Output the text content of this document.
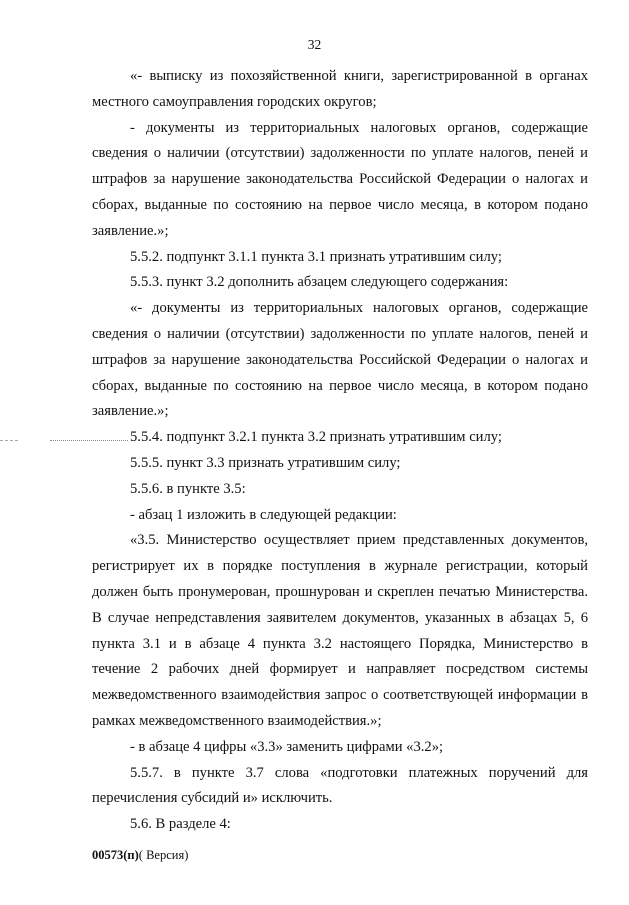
32

«- выписку из похозяйственной книги, зарегистрированной в органах местного самоуправления городских округов;

- документы из территориальных налоговых органов, содержащие сведения о наличии (отсутствии) задолженности по уплате налогов, пеней и штрафов за нарушение законодательства Российской Федерации о налогах и сборах, выданные по состоянию на первое число месяца, в котором подано заявление.»;

5.5.2. подпункт 3.1.1 пункта 3.1 признать утратившим силу;

5.5.3. пункт 3.2 дополнить абзацем следующего содержания:

«- документы из территориальных налоговых органов, содержащие сведения о наличии (отсутствии) задолженности по уплате налогов, пеней и штрафов за нарушение законодательства Российской Федерации о налогах и сборах, выданные по состоянию на первое число месяца, в котором подано заявление.»;

5.5.4. подпункт 3.2.1 пункта 3.2 признать утратившим силу;

5.5.5. пункт 3.3 признать утратившим силу;

5.5.6. в пункте 3.5:

- абзац 1 изложить в следующей редакции:

«3.5. Министерство осуществляет прием представленных документов, регистрирует их в порядке поступления в журнале регистрации, который должен быть пронумерован, прошнурован и скреплен печатью Министерства. В случае непредставления заявителем документов, указанных в абзацах 5, 6 пункта 3.1 и в абзаце 4 пункта 3.2 настоящего Порядка, Министерство в течение 2 рабочих дней формирует и направляет посредством системы межведомственного взаимодействия запрос о соответствующей информации в рамках межведомственного взаимодействия.»;

- в абзаце 4 цифры «3.3» заменить цифрами «3.2»;

5.5.7. в пункте 3.7 слова «подготовки платежных поручений для перечисления субсидий и» исключить.

5.6. В разделе 4:

00573(п)( Версия)
